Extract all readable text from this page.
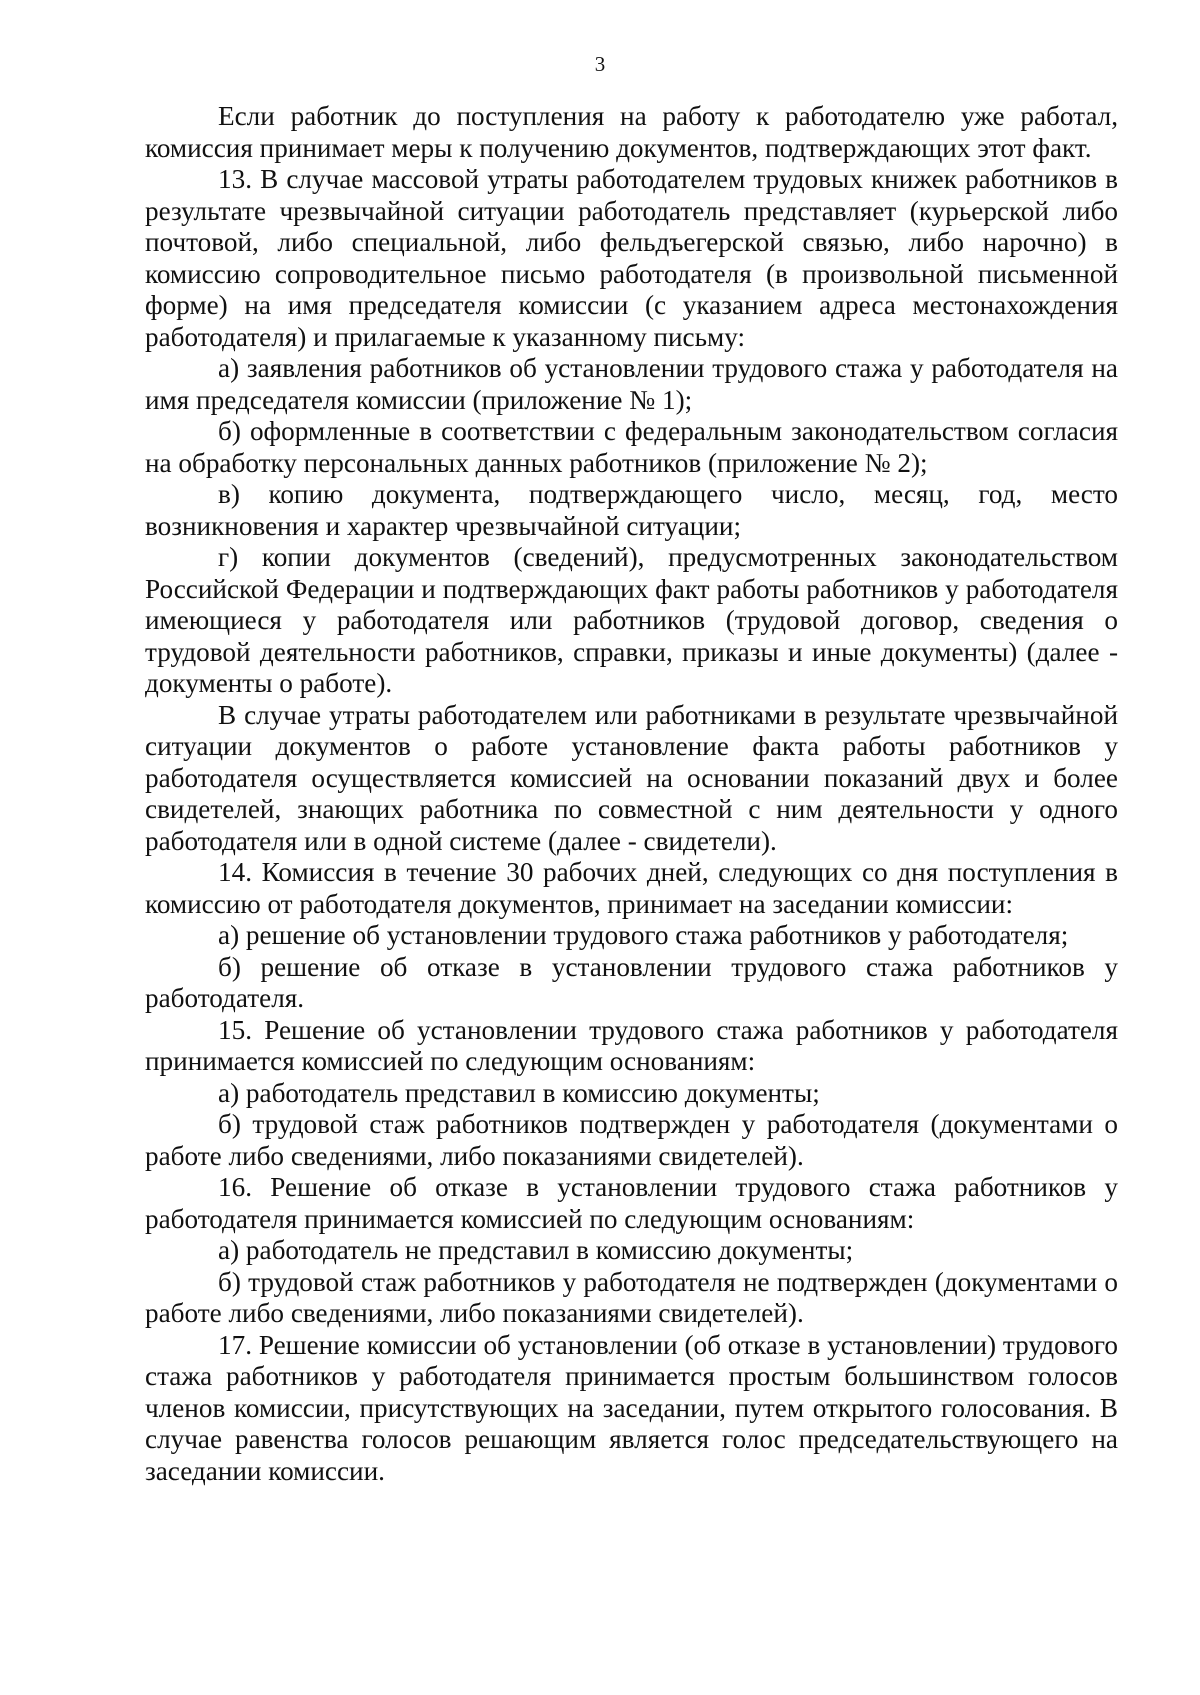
3

Если работник до поступления на работу к работодателю уже работал, комиссия принимает меры к получению документов, подтверждающих этот факт.

13. В случае массовой утраты работодателем трудовых книжек работников в результате чрезвычайной ситуации работодатель представляет (курьерской либо почтовой, либо специальной, либо фельдъегерской связью, либо нарочно) в комиссию сопроводительное письмо работодателя (в произвольной письменной форме) на имя председателя комиссии (с указанием адреса местонахождения работодателя) и прилагаемые к указанному письму:

а) заявления работников об установлении трудового стажа у работодателя на имя председателя комиссии (приложение № 1);

б) оформленные в соответствии с федеральным законодательством согласия на обработку персональных данных работников (приложение № 2);

в) копию документа, подтверждающего число, месяц, год, место возникновения и характер чрезвычайной ситуации;

г) копии документов (сведений), предусмотренных законодательством Российской Федерации и подтверждающих факт работы работников у работодателя имеющиеся у работодателя или работников (трудовой договор, сведения о трудовой деятельности работников, справки, приказы и иные документы) (далее - документы о работе).

В случае утраты работодателем или работниками в результате чрезвычайной ситуации документов о работе установление факта работы работников у работодателя осуществляется комиссией на основании показаний двух и более свидетелей, знающих работника по совместной с ним деятельности у одного работодателя или в одной системе (далее - свидетели).

14. Комиссия в течение 30 рабочих дней, следующих со дня поступления в комиссию от работодателя документов, принимает на заседании комиссии:

а) решение об установлении трудового стажа работников у работодателя;

б) решение об отказе в установлении трудового стажа работников у работодателя.

15. Решение об установлении трудового стажа работников у работодателя принимается комиссией по следующим основаниям:

а) работодатель представил в комиссию документы;

б) трудовой стаж работников подтвержден у работодателя (документами о работе либо сведениями, либо показаниями свидетелей).

16. Решение об отказе в установлении трудового стажа работников у работодателя принимается комиссией по следующим основаниям:

а) работодатель не представил в комиссию документы;

б) трудовой стаж работников у работодателя не подтвержден (документами о работе либо сведениями, либо показаниями свидетелей).

17. Решение комиссии об установлении (об отказе в установлении) трудового стажа работников у работодателя принимается простым большинством голосов членов комиссии, присутствующих на заседании, путем открытого голосования. В случае равенства голосов решающим является голос председательствующего на заседании комиссии.
